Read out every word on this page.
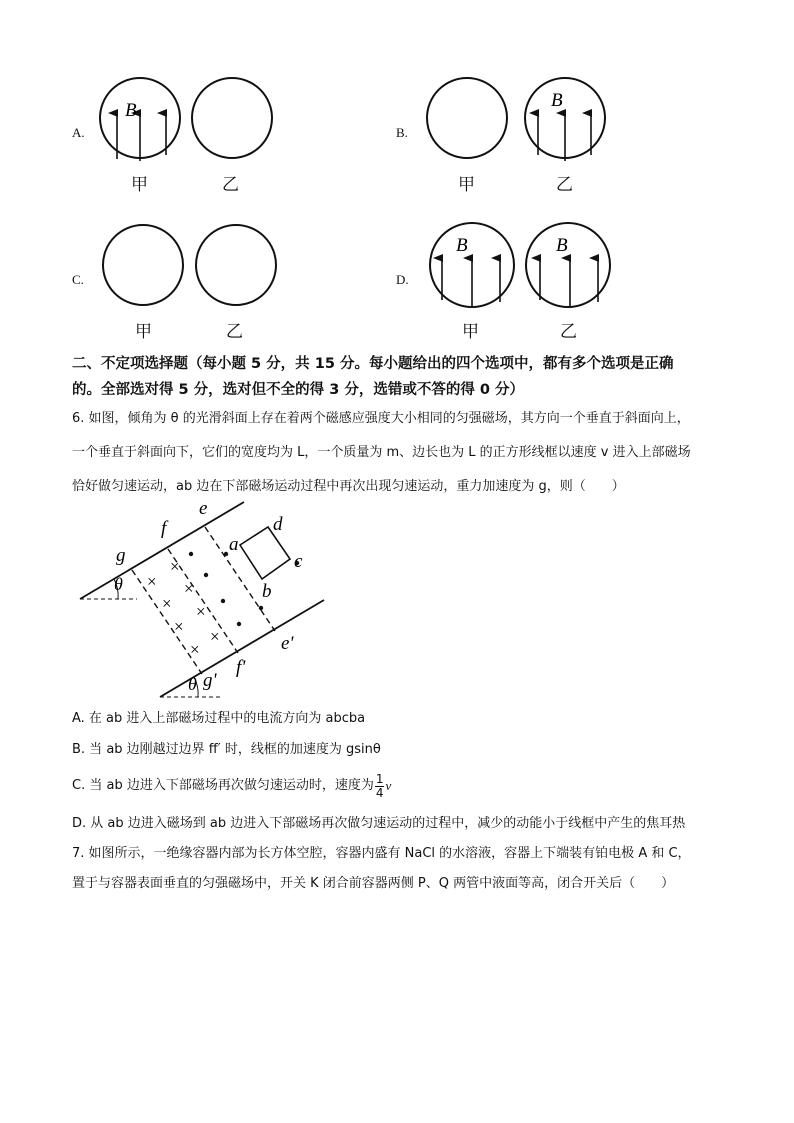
A.
B
甲	乙
B.
B
甲	乙
C.
甲	乙
D.
B	B
甲	乙
二、不定项选择题（每小题 5 分，共 15 分。每小题给出的四个选项中，都有多个选项是正确
的。全部选对得 5 分，选对但不全的得 3 分，选错或不答的得 0 分）
6. 如图，倾角为 θ 的光滑斜面上存在着两个磁感应强度大小相同的匀强磁场，其方向一个垂直于斜面向上，
一个垂直于斜面向下，它们的宽度均为 L，一个质量为 m、边长也为 L 的正方形线框以速度 v 进入上部磁场
恰好做匀速运动，ab 边在下部磁场运动过程中再次出现匀速运动，重力加速度为 g，则（　　）
×
×
×
×
×
×
×
×
e
f
g
a
b
c
d
e'
f'
g'
θ
θ
A. 在 ab 进入上部磁场过程中的电流方向为 abcba
B. 当 ab 边刚越过边界 ff′ 时，线框的加速度为 gsinθ
C. 当 ab 边进入下部磁场再次做匀速运动时，速度为 $\frac{1}{4}$ v
D. 从 ab 边进入磁场到 ab 边进入下部磁场再次做匀速运动的过程中，减少的动能小于线框中产生的焦耳热
7. 如图所示，一绝缘容器内部为长方体空腔，容器内盛有 NaCl 的水溶液，容器上下端装有铂电极 A 和 C，
置于与容器表面垂直的匀强磁场中，开关 K 闭合前容器两侧 P、Q 两管中液面等高，闭合开关后（　　）
